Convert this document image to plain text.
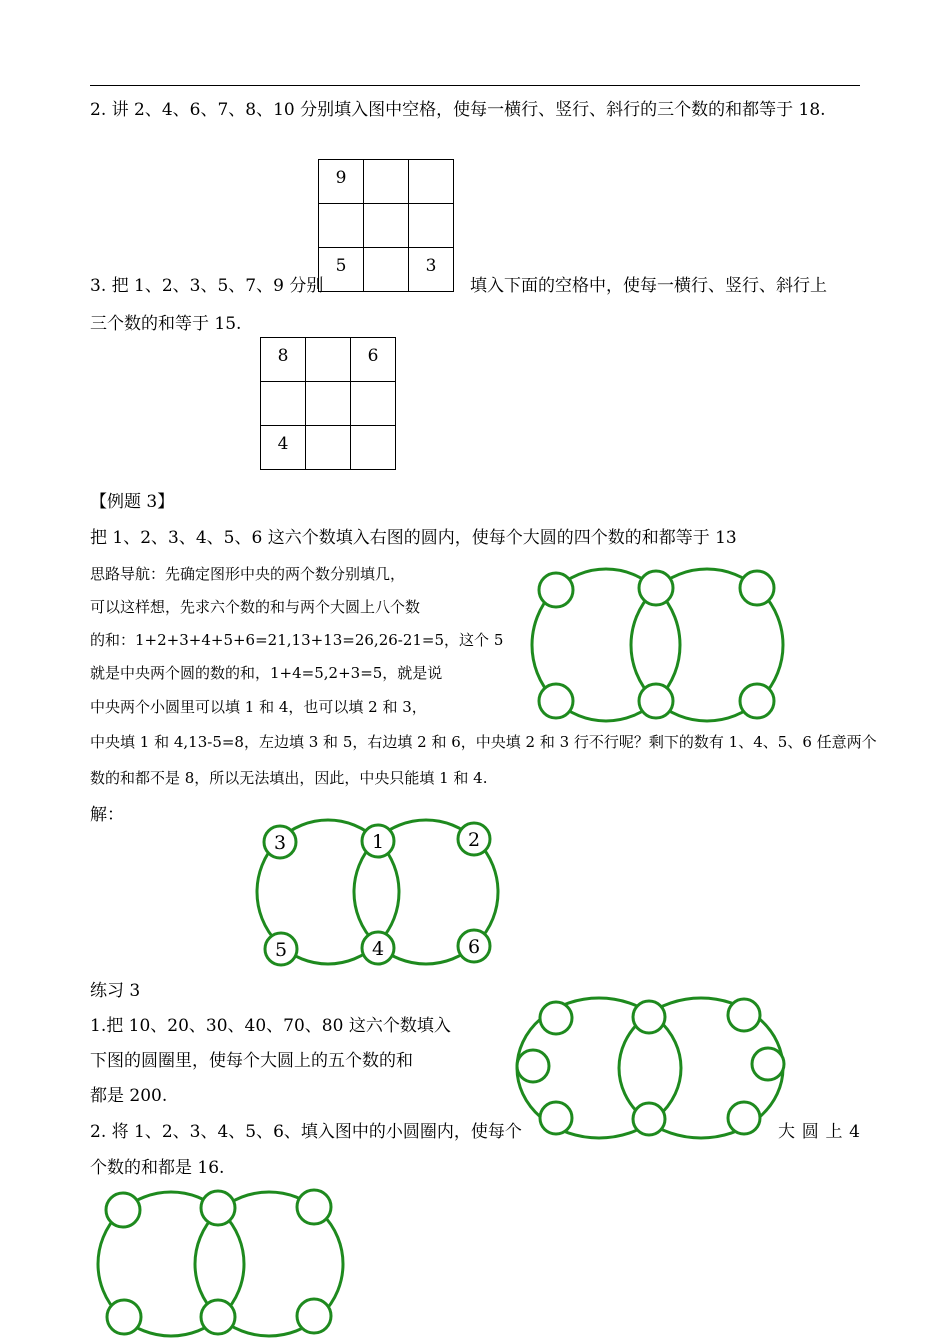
2. 讲 2、4、6、7、8、10 分别填入图中空格，使每一横行、竖行、斜行的三个数的和都等于 18.
9		

5		3
3. 把 1、2、3、5、7、9 分别	填入下面的空格中，使每一横行、竖行、斜行上
三个数的和等于 15.
8		6

4		

【例题 3】
把 1、2、3、4、5、6 这六个数填入右图的圆内，使每个大圆的四个数的和都等于 13
思路导航：先确定图形中央的两个数分别填几，
可以这样想，先求六个数的和与两个大圆上八个数
的和：1+2+3+4+5+6=21,13+13=26,26-21=5，这个 5
就是中央两个圆的数的和，1+4=5,2+3=5，就是说
中央两个小圆里可以填 1 和 4，也可以填 2 和 3，
中央填 1 和 4,13-5=8，左边填 3 和 5，右边填 2 和 6，中央填 2 和 3 行不行呢？剩下的数有 1、4、5、6 任意两个
数的和都不是 8，所以无法填出，因此，中央只能填 1 和 4.
解：
3	1	2
5	4	6
练习 3
1.把 10、20、30、40、70、80 这六个数填入
下图的圆圈里，使每个大圆上的五个数的和
都是 200.
2. 将 1、2、3、4、5、6、填入图中的小圆圈内，使每个	大 圆 上 4
个数的和都是 16.
